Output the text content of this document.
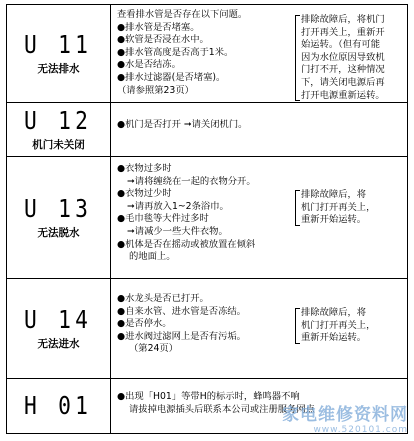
U 11
无法排水
查看排水管是否存在以下问题。
●排水管是否堵塞。
●软管是否浸在水中。
●排水管高度是否高于1米。
●水是否结冻。
●排水过滤器(是否堵塞)。
（请参照第23页）
排除故障后，将机门
打开再关上，重新开
始运转。（但有可能
因为水位原因导致机
门打不开，这种情况
下，请关闭电源后再
打开电源重新运转。
U 12
机门未关闭
●机门是否打开 ➞请关闭机门。
U 13
无法脱水
●衣物过多时
➞请将缠绕在一起的衣物分开。
●衣物过少时
➞请再放入1~2条浴巾。
●毛巾毯等大件过多时
➞请减少一些大件衣物。
●机体是否在摇动或被放置在倾斜
的地面上。
排除故障后，将
机门打开再关上，
重新开始运转。
U 14
无法进水
●水龙头是否已打开。
●自来水管、进水管是否冻结。
●是否停水。
●进水阀过滤网上是否有污垢。
（第24页）
排除故障后，将
机门打开再关上，
重新开始运转。
H 01	●出现「H01」等带H的标示时，蜂鸣器不响
请拔掉电源插头后联系本公司或注册服务网点
家电维修资料网
www.520101.com
